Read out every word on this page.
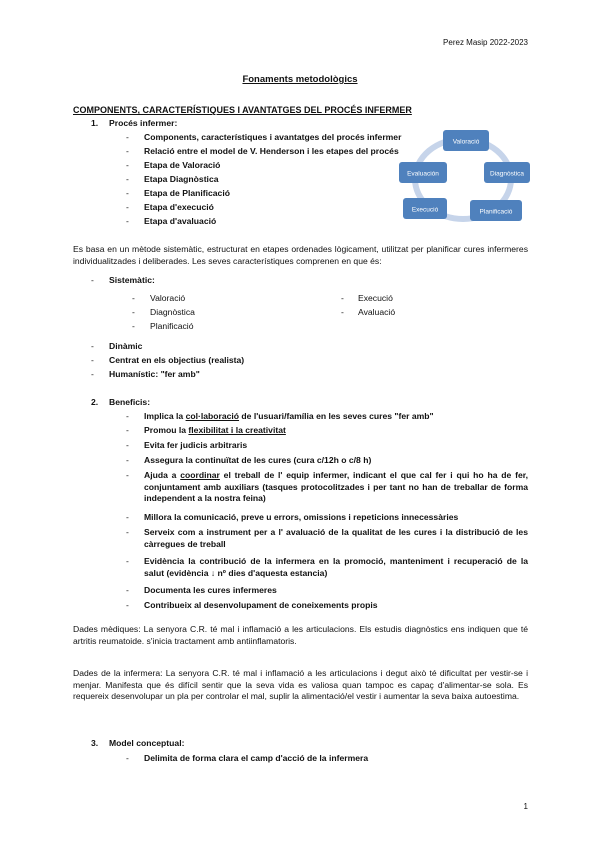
Perez Masip 2022-2023
Fonaments metodològics
COMPONENTS, CARACTERÍSTIQUES I AVANTATGES DEL PROCÉS INFERMER
1. Procés infermer:
- Components, característiques i avantatges del procés infermer
- Relació entre el model de V. Henderson i les etapes del procés
- Etapa de Valoració
- Etapa Diagnòstica
- Etapa de Planificació
- Etapa d'execució
- Etapa d'avaluació
Valoració
Diagnòstica
Planificació
Execució
Evaluación
Es basa en un mètode sistemàtic, estructurat en etapes ordenades lògicament, utilitzat per planificar cures infermeres individualitzades i deliberades. Les seves característiques comprenen en que és:
- Sistemàtic:
- Valoració
- Diagnòstica
- Planificació
- Execució
- Avaluació
- Dinàmic
- Centrat en els objectius (realista)
- Humanístic: "fer amb"
2. Beneficis:
- Implica la col·laboració de l'usuari/família en les seves cures "fer amb"
- Promou la flexibilitat i la creativitat
- Evita fer judicis arbitraris
- Assegura la continuïtat de les cures (cura c/12h o c/8 h)
- Ajuda a coordinar el treball de l' equip infermer, indicant el que cal fer i qui ho ha de fer, conjuntament amb auxiliars (tasques protocolitzades i per tant no han de treballar de forma independent a la nostra feina)
- Millora la comunicació, preve u errors, omissions i repeticions innecessàries
- Serveix com a instrument per a l' avaluació de la qualitat de les cures i la distribució de les càrregues de treball
- Evidència la contribució de la infermera en la promoció, manteniment i recuperació de la salut (evidència ↓ nº dies d'aquesta estancia)
- Documenta les cures infermeres
- Contribueix al desenvolupament de coneixements propis
Dades mèdiques: La senyora C.R. té mal i inflamació a les articulacions. Els estudis diagnòstics ens indiquen que té artritis reumatoide. s'inicia tractament amb antiinflamatoris.
Dades de la infermera: La senyora C.R. té mal i inflamació a les articulacions i degut això té dificultat per vestir-se i menjar. Manifesta que és difícil sentir que la seva vida es valiosa quan tampoc es capaç d'alimentar-se sola. Es requereix desenvolupar un pla per controlar el mal, suplir la alimentació/el vestir i aumentar la seva baixa autoestima.
3. Model conceptual:
- Delimita de forma clara el camp d'acció de la infermera
1
